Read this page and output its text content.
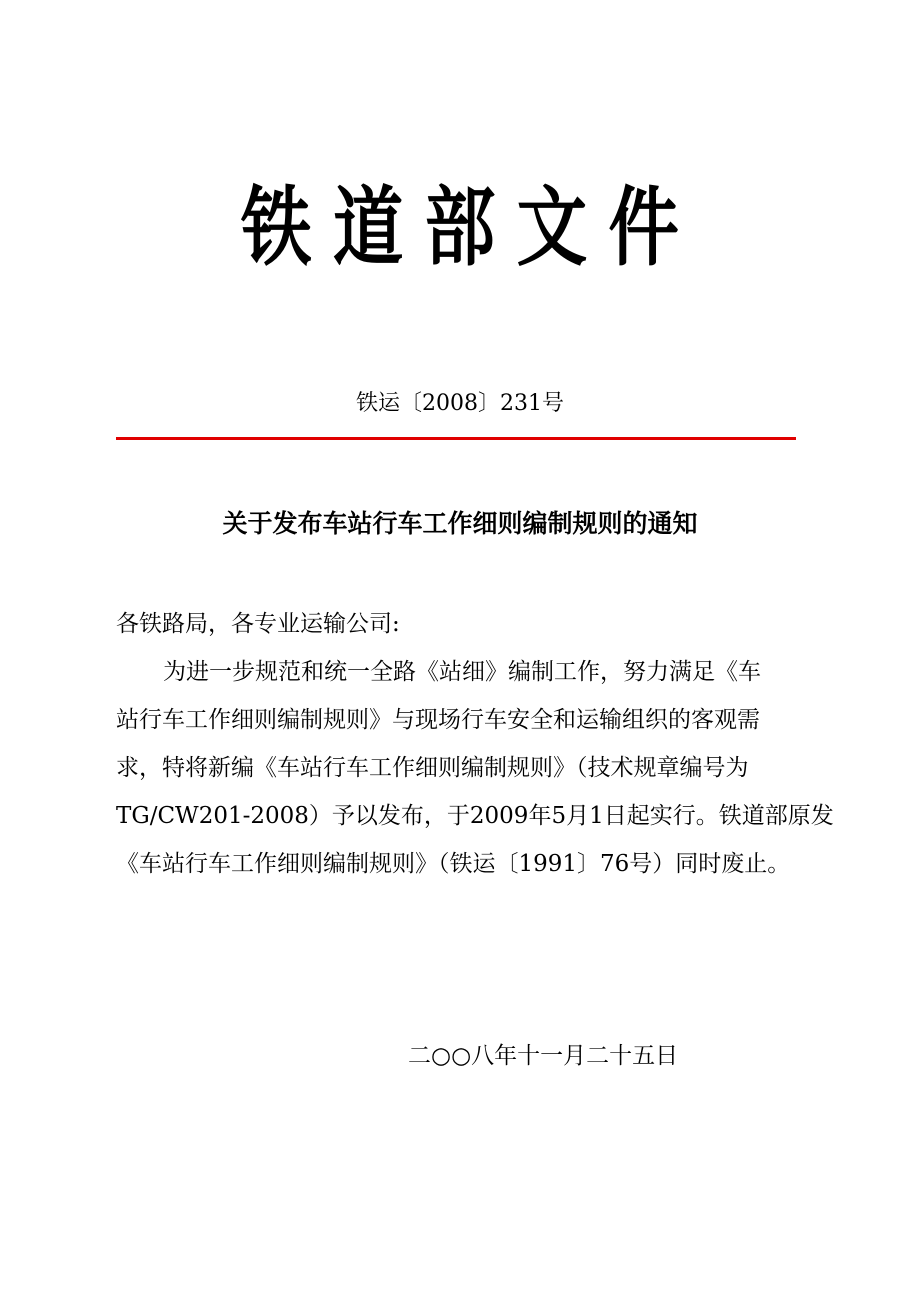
铁道部文件
铁运〔2008〕231号
关于发布车站行车工作细则编制规则的通知

各铁路局，各专业运输公司:

为进一步规范和统一全路《站细》编制工作，努力满足《车

站行车工作细则编制规则》与现场行车安全和运输组织的客观需

求，特将新编《车站行车工作细则编制规则》（技术规章编号为

TG/CW201-2008）予以发布，于2009年5月1日起实行。铁道部原发

《车站行车工作细则编制规则》（铁运〔1991〕76号）同时废止。

二○○八年十一月二十五日
